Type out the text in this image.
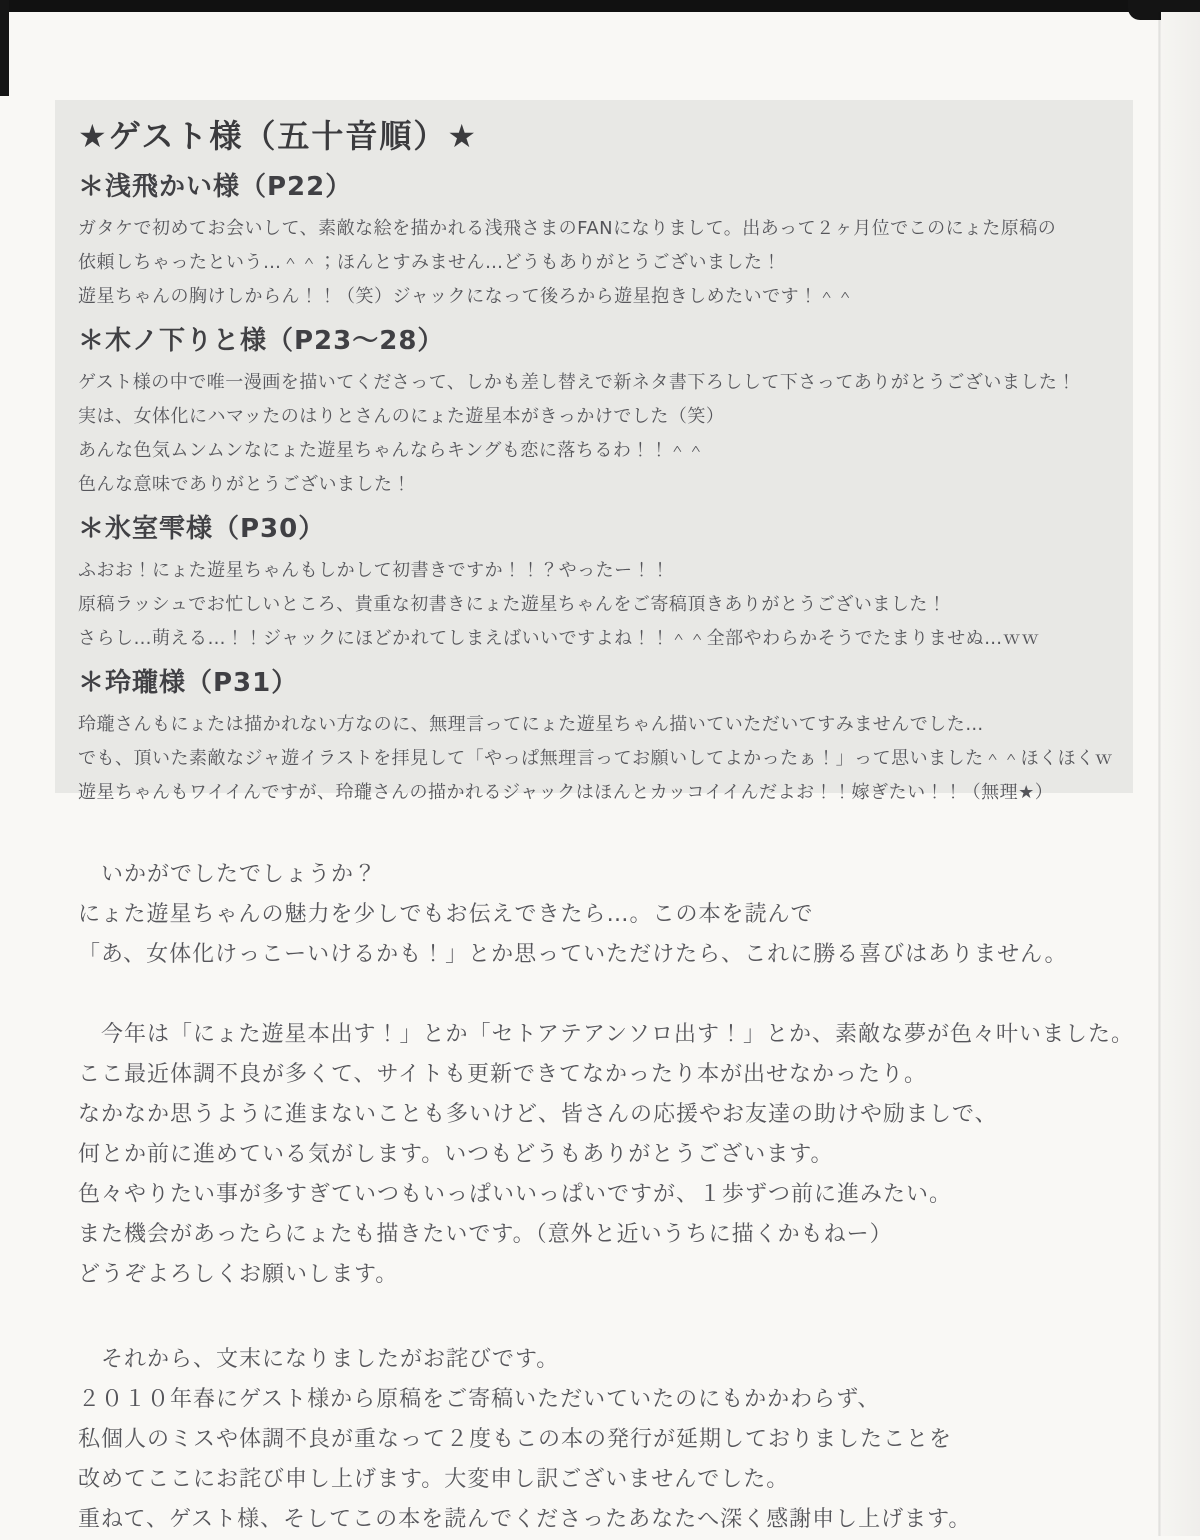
★ゲスト様（五十音順）★
＊浅飛かい様（P22）

ガタケで初めてお会いして、素敵な絵を描かれる浅飛さまのFANになりまして。出あって２ヶ月位でこのにょた原稿の

依頼しちゃったという…＾＾；ほんとすみません…どうもありがとうございました！

遊星ちゃんの胸けしからん！！（笑）ジャックになって後ろから遊星抱きしめたいです！＾＾

＊木ノ下りと様（P23～28）

ゲスト様の中で唯一漫画を描いてくださって、しかも差し替えで新ネタ書下ろしして下さってありがとうございました！

実は、女体化にハマッたのはりとさんのにょた遊星本がきっかけでした（笑）

あんな色気ムンムンなにょた遊星ちゃんならキングも恋に落ちるわ！！＾＾

色んな意味でありがとうございました！

＊氷室雫様（P30）

ふおお！にょた遊星ちゃんもしかして初書きですか！！？やったー！！

原稿ラッシュでお忙しいところ、貴重な初書きにょた遊星ちゃんをご寄稿頂きありがとうございました！

さらし…萌える…！！ジャックにほどかれてしまえばいいですよね！！＾＾全部やわらかそうでたまりませぬ…ｗｗ

＊玲瓏様（P31）

玲瓏さんもにょたは描かれない方なのに、無理言ってにょた遊星ちゃん描いていただいてすみませんでした…

でも、頂いた素敵なジャ遊イラストを拝見して「やっぱ無理言ってお願いしてよかったぁ！」って思いました＾＾ほくほくｗ

遊星ちゃんもワイイんですが、玲瓏さんの描かれるジャックはほんとカッコイイんだよお！！嫁ぎたい！！（無理★）

　いかがでしたでしょうか？

にょた遊星ちゃんの魅力を少しでもお伝えできたら…。この本を読んで

「あ、女体化けっこーいけるかも！」とか思っていただけたら、これに勝る喜びはありません。

　今年は「にょた遊星本出す！」とか「セトアテアンソロ出す！」とか、素敵な夢が色々叶いました。

ここ最近体調不良が多くて、サイトも更新できてなかったり本が出せなかったり。

なかなか思うように進まないことも多いけど、皆さんの応援やお友達の助けや励ましで、

何とか前に進めている気がします。いつもどうもありがとうございます。

色々やりたい事が多すぎていつもいっぱいいっぱいですが、１歩ずつ前に進みたい。

また機会があったらにょたも描きたいです。（意外と近いうちに描くかもねー）

どうぞよろしくお願いします。

　それから、文末になりましたがお詫びです。

２０１０年春にゲスト様から原稿をご寄稿いただいていたのにもかかわらず、

私個人のミスや体調不良が重なって２度もこの本の発行が延期しておりましたことを

改めてここにお詫び申し上げます。大変申し訳ございませんでした。

重ねて、ゲスト様、そしてこの本を読んでくださったあなたへ深く感謝申し上げます。
